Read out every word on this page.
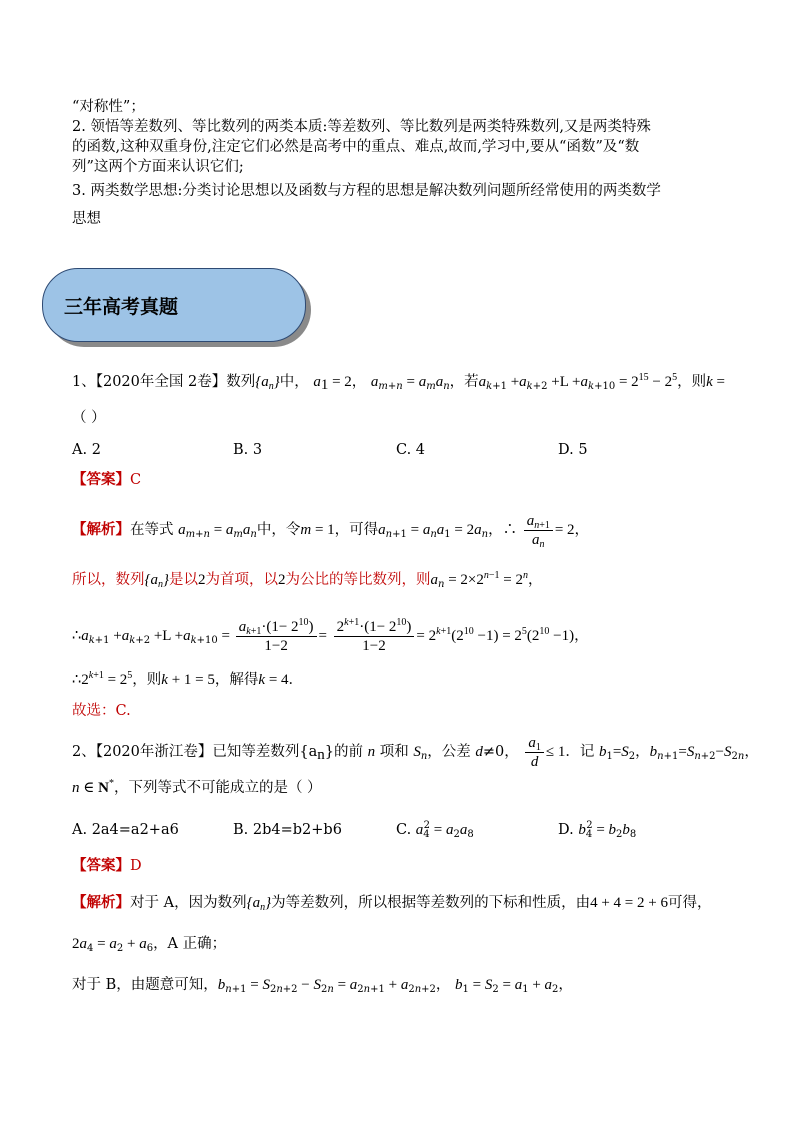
“对称性”；
2. 领悟等差数列、等比数列的两类本质:等差数列、等比数列是两类特殊数列,又是两类特殊
的函数,这种双重身份,注定它们必然是高考中的重点、难点,故而,学习中,要从“函数”及“数
列”这两个方面来认识它们;
3. 两类数学思想:分类讨论思想以及函数与方程的思想是解决数列问题所经常使用的两类数学
思想
三年高考真题
1、【2020年全国 2卷】数列$\{a_n\}$中， $a_1 = 2$， $a_{m+n} = a_ma_n$，若$a_{k+1} +a_{k+2} +L +a_{k+10} = 2^{15} - 2^5$，则k =
（ ）
A. 2	B. 3	C. 4	D. 5
【答案】C
【解析】在等式 $a_{m+n} = a_ma_n$中，令m = 1，可得$a_{n+1} = a_na_1 = 2a_n$，∴ $\frac{a_{n+1}}{a_n} = 2$，
所以，数列$\{a_n\}$是以2为首项，以2为公比的等比数列，则$a_n = 2\times 2^{n-1} = 2^n$，
$\therefore a_{k+1} +a_{k+2} +L +a_{k+10} = \frac{a_{k+1}\cdot(1- 2^{10})}{1-2} = \frac{2^{k+1}\cdot(1- 2^{10})}{1-2} = 2^{k+1}(2^{10} -1) = 2^5(2^{10} -1)$，
$\therefore 2^{k+1} = 2^5$，则k + 1 = 5，解得k = 4．
故选：C.
2、【2020年浙江卷】已知等差数列$\{a_n\}$的前 n 项和 $S_n$，公差 d≠0， $\frac{a_1}{d} \le 1$．记 $b_1=S_2$，$b_{n+1}=S_{n+2}-S_{2n}$，
n ∈ N*，下列等式不可能成立的是（ ）
A. 2a4=a2+a6	B. 2b4=b2+b6	C. $a_4^2 = a_2a_8$	D. $b_4^2 = b_2b_8$
【答案】D
【解析】对于 A，因为数列$\{a_n\}$为等差数列，所以根据等差数列的下标和性质，由4 + 4 = 2 + 6可得，
$2a_4 = a_2 + a_6$，A 正确；
对于 B，由题意可知，$b_{n+1} = S_{2n+2} - S_{2n} = a_{2n+1} + a_{2n+2}$， $b_1 = S_2 = a_1 + a_2$，
